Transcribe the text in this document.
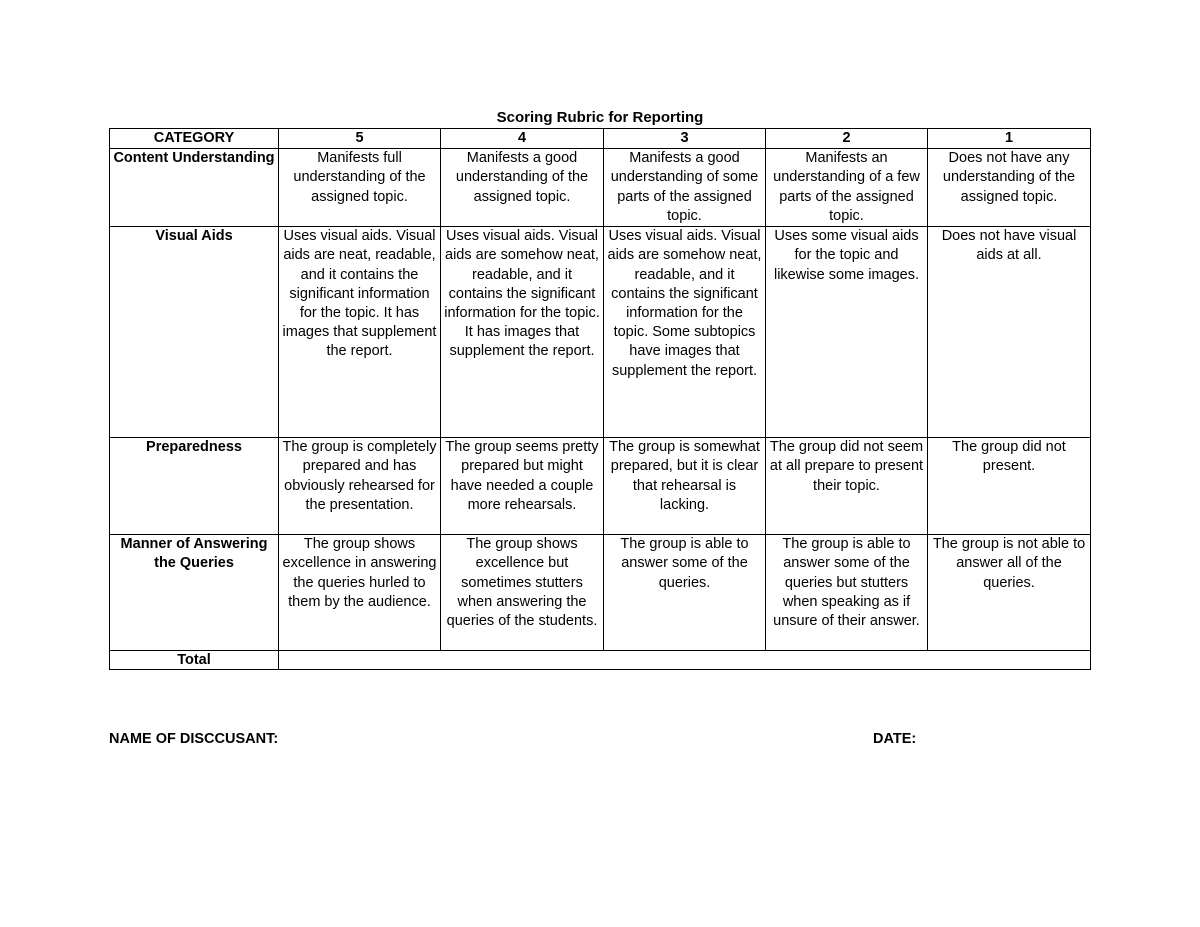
Scoring Rubric for Reporting
CATEGORY	5	4	3	2	1
Content Understanding	Manifests full understanding of the assigned topic.	Manifests a good understanding of the assigned topic.	Manifests a good understanding of some parts of the assigned topic.	Manifests an understanding of a few parts of the assigned topic.	Does not have any understanding of the assigned topic.
Visual Aids	Uses visual aids. Visual aids are neat, readable, and it contains the significant information for the topic. It has images that supplement the report.	Uses visual aids. Visual aids are somehow neat, readable, and it contains the significant information for the topic. It has images that supplement the report.	Uses visual aids. Visual aids are somehow neat, readable, and it contains the significant information for the topic. Some subtopics have images that supplement the report.	Uses some visual aids for the topic and likewise some images.	Does not have visual aids at all.
Preparedness	The group is completely prepared and has obviously rehearsed for the presentation.	The group seems pretty prepared but might have needed a couple more rehearsals.	The group is somewhat prepared, but it is clear that rehearsal is lacking.	The group did not seem at all prepare to present their topic.	The group did not present.
Manner of Answering the Queries	The group shows excellence in answering the queries hurled to them by the audience.	The group shows excellence but sometimes stutters when answering the queries of the students.	The group is able to answer some of the queries.	The group is able to answer some of the queries but stutters when speaking as if unsure of their answer.	The group is not able to answer all of the queries.
Total					
NAME OF DISCCUSANT:	DATE:
